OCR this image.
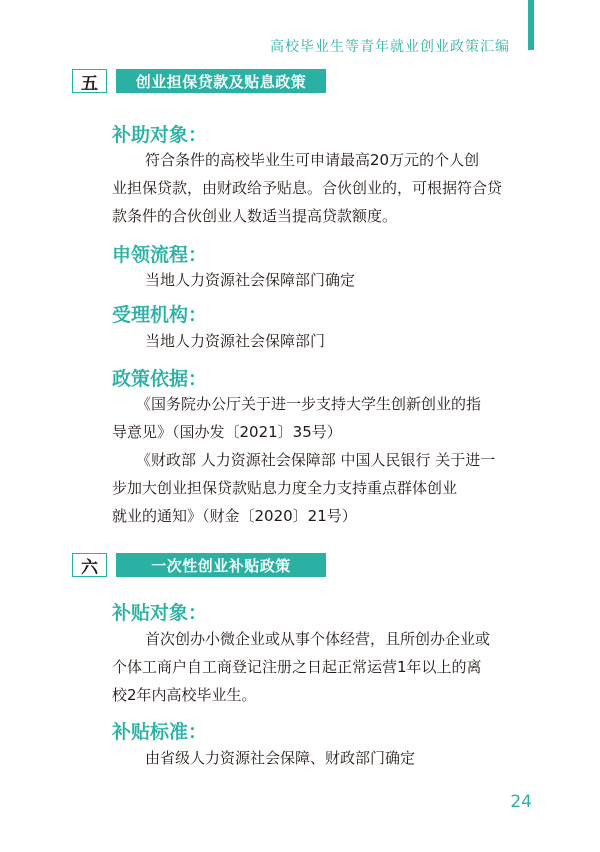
高校毕业生等青年就业创业政策汇编
五	创业担保贷款及贴息政策
补助对象：
符合条件的高校毕业生可申请最高20万元的个人创
业担保贷款，由财政给予贴息。合伙创业的，可根据符合贷
款条件的合伙创业人数适当提高贷款额度。
申领流程：
当地人力资源社会保障部门确定
受理机构：
当地人力资源社会保障部门
政策依据：
《国务院办公厅关于进一步支持大学生创新创业的指
导意见》（国办发〔2021〕35号）
《财政部 人力资源社会保障部 中国人民银行 关于进一
步加大创业担保贷款贴息力度全力支持重点群体创业
就业的通知》（财金〔2020〕21号）
六	一次性创业补贴政策
补贴对象：
首次创办小微企业或从事个体经营，且所创办企业或
个体工商户自工商登记注册之日起正常运营1年以上的离
校2年内高校毕业生。
补贴标准：
由省级人力资源社会保障、财政部门确定
24
